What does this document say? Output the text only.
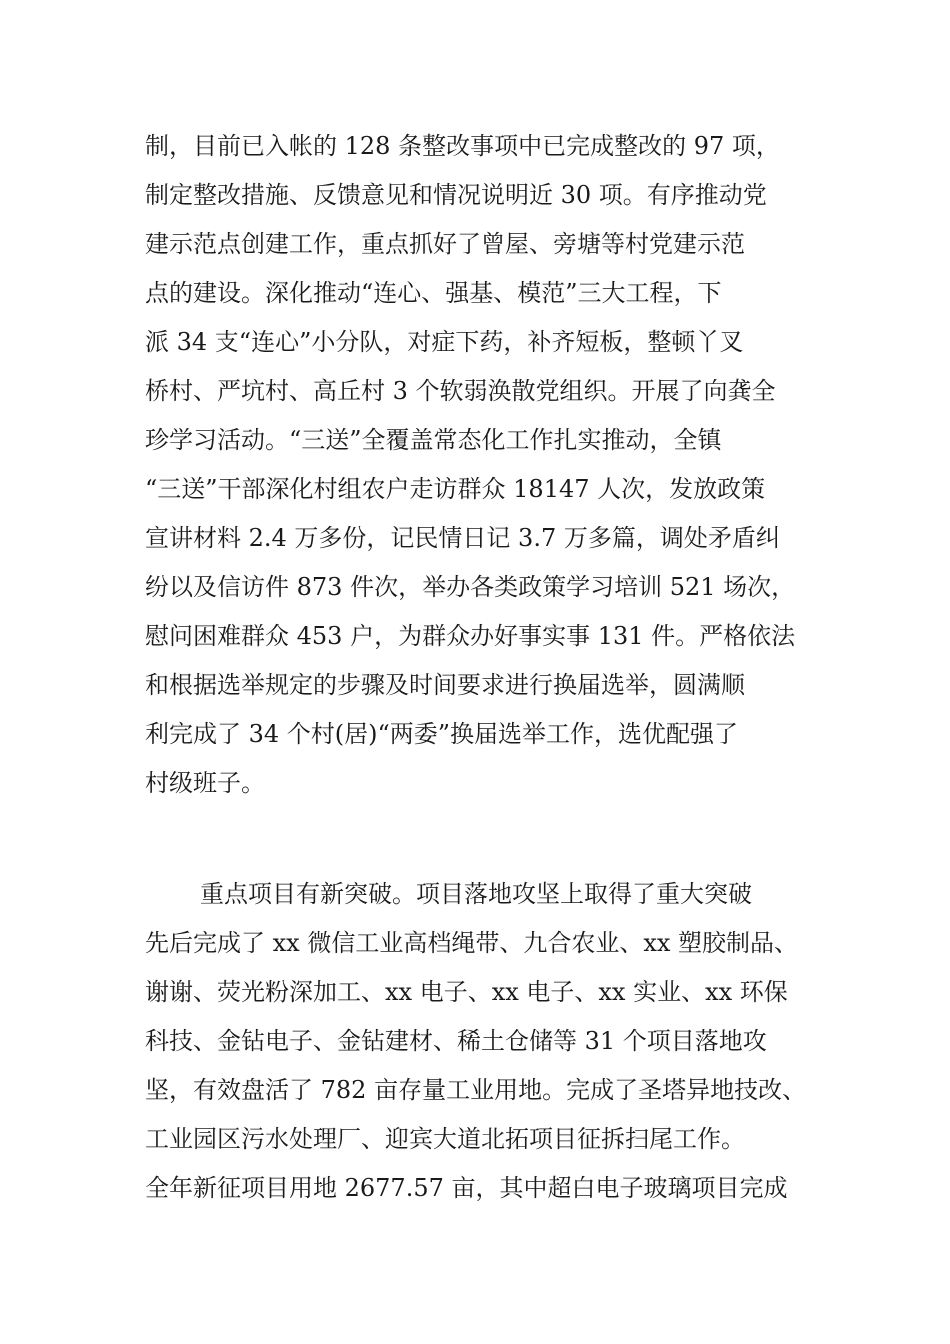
制，目前已入帐的 128 条整改事项中已完成整改的 97 项，
制定整改措施、反馈意见和情况说明近 30 项。有序推动党
建示范点创建工作，重点抓好了曾屋、旁塘等村党建示范
点的建设。深化推动“连心、强基、模范”三大工程，下
派 34 支“连心”小分队，对症下药，补齐短板，整顿丫叉
桥村、严坑村、高丘村 3 个软弱涣散党组织。开展了向龚全
珍学习活动。“三送”全覆盖常态化工作扎实推动，全镇
“三送”干部深化村组农户走访群众 18147 人次，发放政策
宣讲材料 2.4 万多份，记民情日记 3.7 万多篇，调处矛盾纠
纷以及信访件 873 件次，举办各类政策学习培训 521 场次，
慰问困难群众 453 户，为群众办好事实事 131 件。严格依法
和根据选举规定的步骤及时间要求进行换届选举，圆满顺
利完成了 34 个村(居)“两委”换届选举工作，选优配强了
村级班子。
重点项目有新突破。项目落地攻坚上取得了重大突破
先后完成了 xx 微信工业高档绳带、九合农业、xx 塑胶制品、
谢谢、荧光粉深加工、xx 电子、xx 电子、xx 实业、xx 环保
科技、金钻电子、金钻建材、稀土仓储等 31 个项目落地攻
坚，有效盘活了 782 亩存量工业用地。完成了圣塔异地技改、
工业园区污水处理厂、迎宾大道北拓项目征拆扫尾工作。
全年新征项目用地 2677.57 亩，其中超白电子玻璃项目完成
